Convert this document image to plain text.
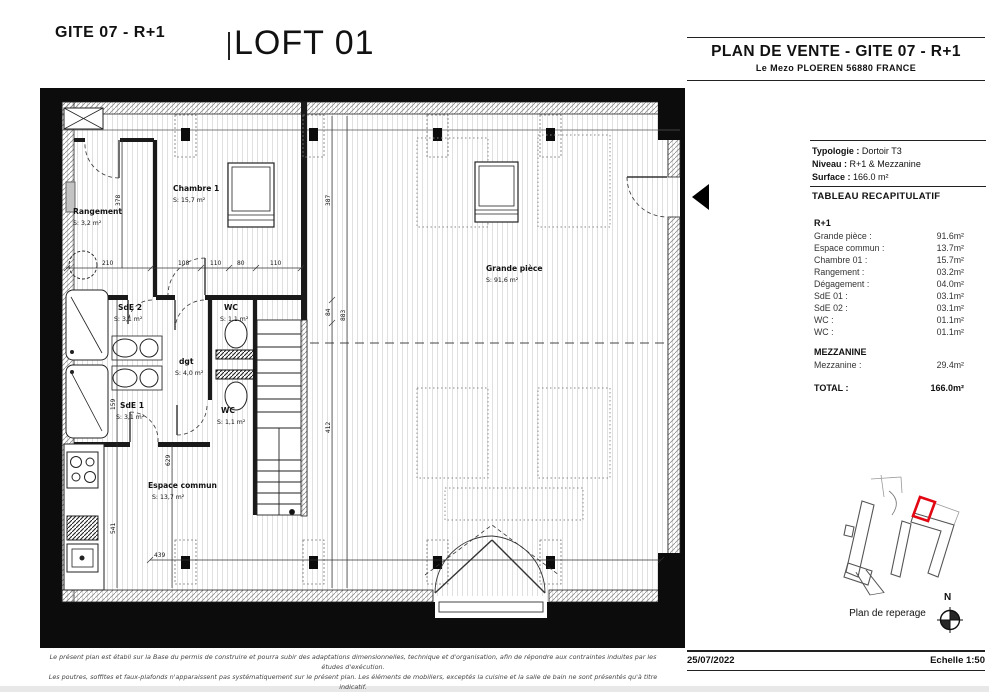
GITE 07 - R+1 LOFT 01
378
210	108	110	80	110
387
84
412
883
159
541
629
439
Chambre 1
S: 15,7 m²
Rangement
S: 3,2 m²
SdE 2
S: 3,1 m²
WC
S: 1,1 m²
dgt
S: 4,0 m²
SdE 1
S: 3,1 m²
WC
S: 1,1 m²
Espace commun
S: 13,7 m²
Grande pièce
S: 91,6 m²
PLAN DE VENTE - GITE 07 - R+1
Le Mezo PLOEREN 56880 FRANCE
Typologie : Dortoir T3
Niveau : R+1 & Mezzanine
Surface : 166.0 m²
TABLEAU RECAPITULATIF
R+1
Grande pièce :	91.6m²
Espace commun :	13.7m²
Chambre 01 :	15.7m²
Rangement :	03.2m²
Dégagement :	04.0m²
SdE 01 :	03.1m²
SdE 02 :	03.1m²
WC :	01.1m²
WC :	01.1m²
MEZZANINE
Mezzanine :	29.4m²
TOTAL :	166.0m²
Plan de reperage
N
25/07/2022	Echelle 1:50
Le présent plan est établi sur la Base du permis de construire et pourra subir des adaptations dimensionnelles, technique et d'organisation, afin de répondre aux contraintes induites par les études d'exécution.
Les poutres, soffites et faux-plafonds n'apparaissent pas systématiquement sur le présent plan. Les éléments de mobiliers, exceptés la cuisine et la salle de bain ne sont présentés qu'à titre indicatif.
